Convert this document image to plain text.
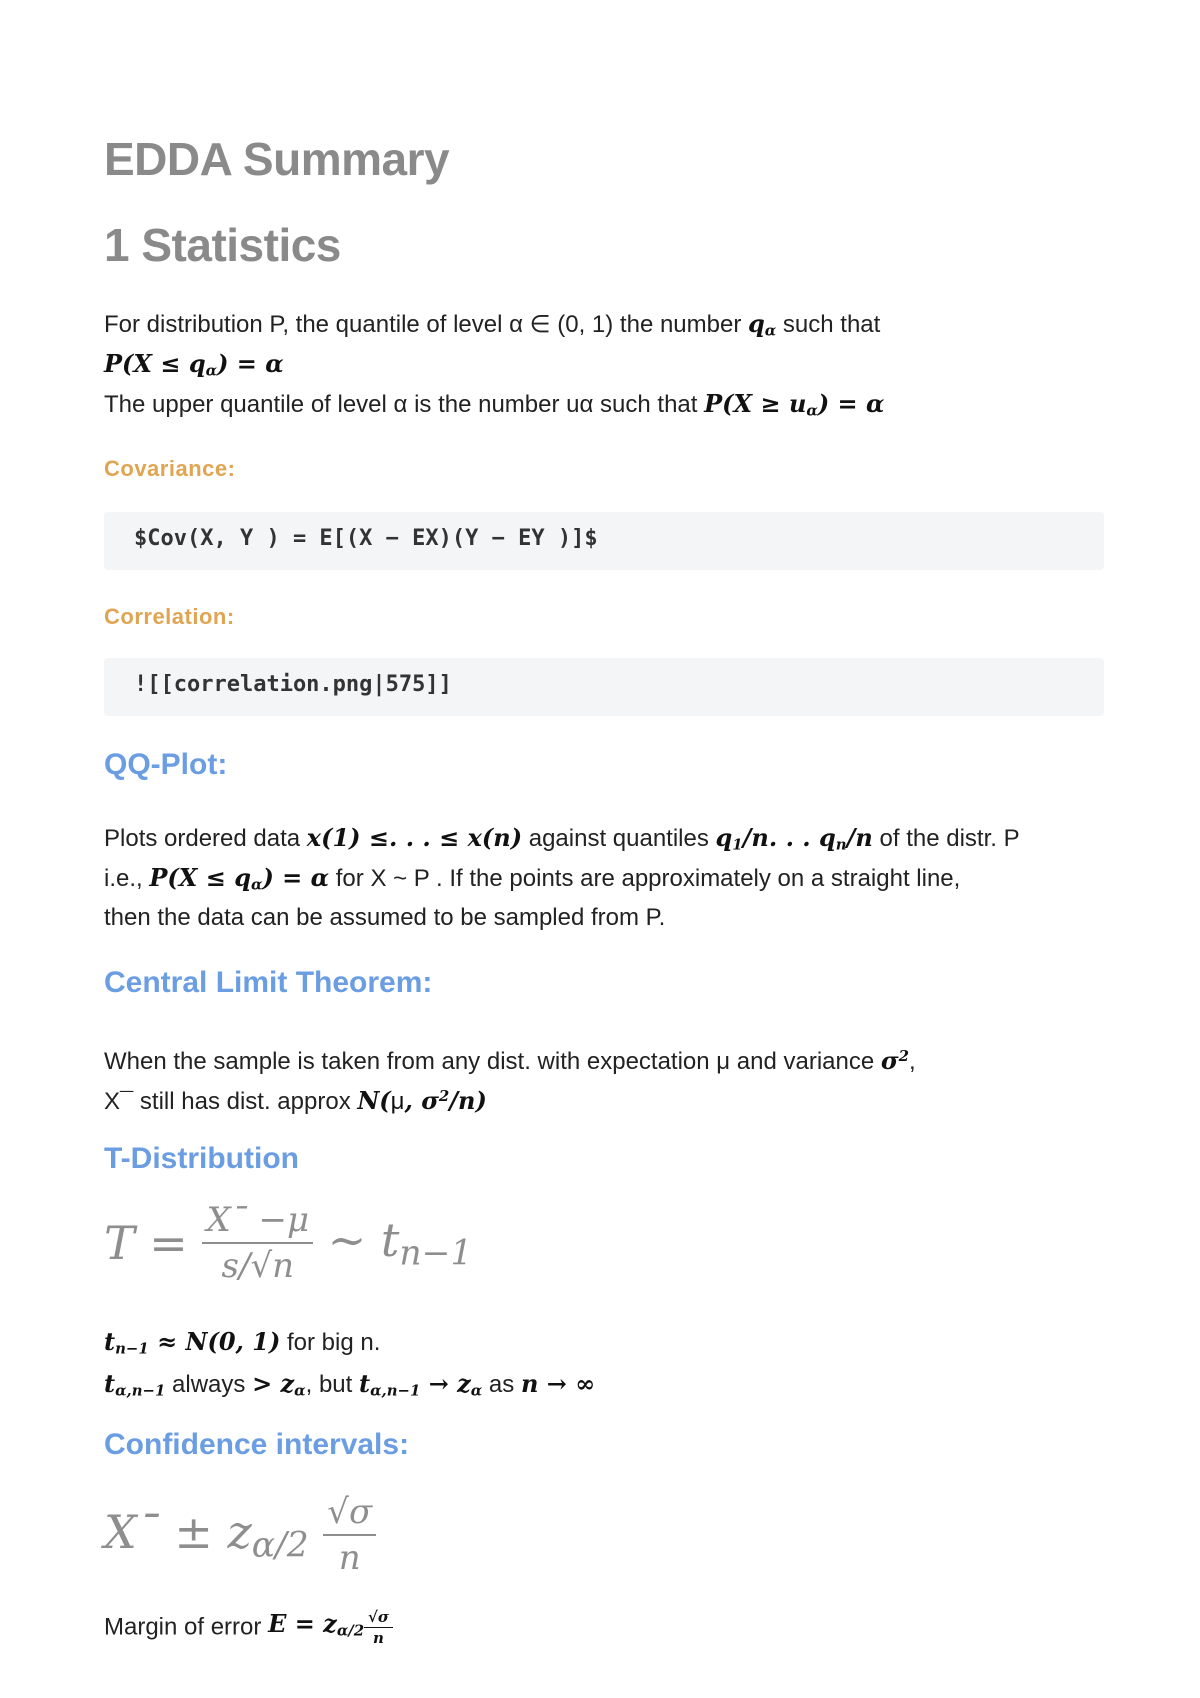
EDDA Summary
1 Statistics
For distribution P, the quantile of level α ∈ (0, 1) the number $q_\alpha$ such that
$P(X \le q_\alpha) = \alpha$
The upper quantile of level α is the number uα such that $P(X \ge u_\alpha) = \alpha$
Covariance:
$Cov(X, Y ) = E[(X − EX)(Y − EY )]$
Correlation:
![[correlation.png|575]]
QQ-Plot:
Plots ordered data x(1) ≤. . . ≤ x(n) against quantiles $q_1/n$. . . $q_n/n$ of the distr. P
i.e., $P(X \le q_\alpha) = \alpha$ for X ~ P . If the points are approximately on a straight line,
then the data can be assumed to be sampled from P.
Central Limit Theorem:
When the sample is taken from any dist. with expectation μ and variance $\sigma^2$,
X¯ still has dist. approx N(μ, $\sigma^2/n$)
T-Distribution
$T = \frac{X¯ -\mu}{s/√n}$ ∼ $t_{n-1}$
$t_{n-1} \approx N(0$, 1) for big n.
$t_{\alpha,n-1}$ always > $z_\alpha$, but $t_{\alpha,n-1} \to z_\alpha$ as n → ∞
Confidence intervals:
X¯ ± $z_{\alpha/2} \frac{√\sigma}{n}$
Margin of error $E = z_{\alpha/2} \frac{√\sigma}{n}$
